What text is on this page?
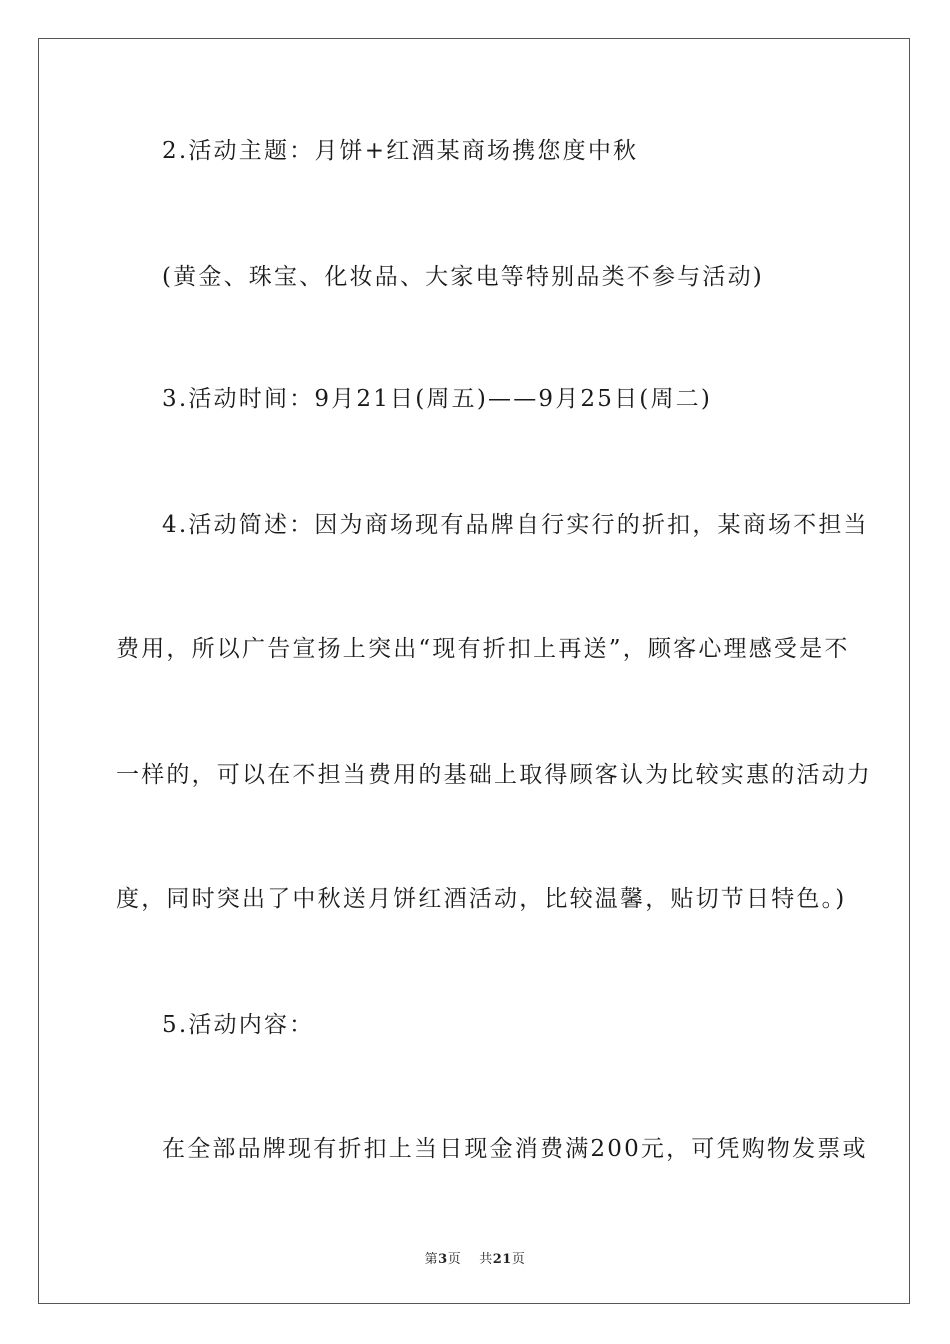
2.活动主题：月饼+红酒某商场携您度中秋
(黄金、珠宝、化妆品、大家电等特别品类不参与活动)
3.活动时间：9月21日(周五)——9月25日(周二)
4.活动简述：因为商场现有品牌自行实行的折扣，某商场不担当
费用，所以广告宣扬上突出“现有折扣上再送”，顾客心理感受是不
一样的，可以在不担当费用的基础上取得顾客认为比较实惠的活动力
度，同时突出了中秋送月饼红酒活动，比较温馨，贴切节日特色。)
5.活动内容：
在全部品牌现有折扣上当日现金消费满200元，可凭购物发票或
第3页 共21页
